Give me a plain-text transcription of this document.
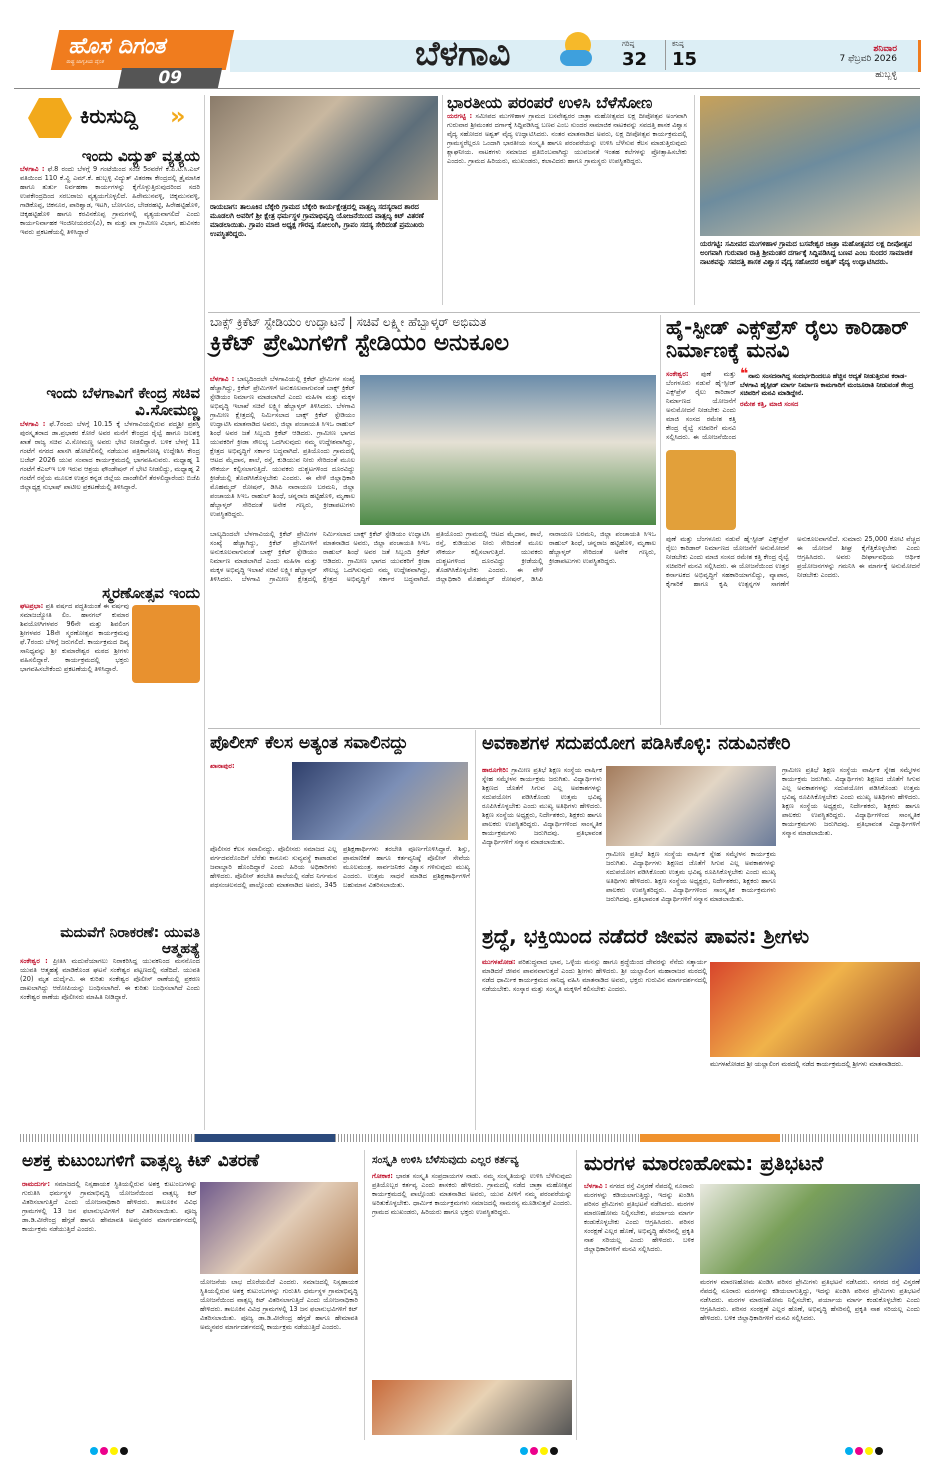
ಹೊಸ ದಿಗಂತ
ರಾಷ್ಟ್ರ ಜಾಗೃತಿಯ ದೈನಿಕ
09
ಬೆಳಗಾವಿ	ಗರಿಷ್ಠ
32
ಕನಿಷ್ಠ
15	ಶನಿವಾರ
7 ಫೆಬ್ರವರಿ 2026
ಹುಬ್ಬಳ್ಳಿ
ಕಿರುಸುದ್ದಿ »
ಇಂದು ವಿದ್ಯುತ್ ವ್ಯತ್ಯಯ
ಬೆಳಗಾವಿ : ಫೆ.8 ರಂದು ಬೆಳಗ್ಗೆ 9 ಗಂಟೆಯಿಂದ ಸಂಜೆ 5ರವರೆಗೆ ಕೆ.ಪಿ.ಟಿ.ಸಿ.ಎಲ್ ವತಿಯಿಂದ 110 ಕೆ.ವ್ಹಿ ಎಮ್.ಕೆ. ಹುಬ್ಬಳ್ಳಿ ವಿದ್ಯುತ್ ವಿತರಣಾ ಕೇಂದ್ರದಲ್ಲಿ ತ್ರೈಮಾಸಿಕ ಹಾಗೂ ತುರ್ತು ನಿರ್ವಹಣಾ ಕಾರ್ಯಗಳನ್ನು ಕೈಗೊಳ್ಳುತ್ತಿರುವುದರಿಂದ ಸದರಿ ಉಪಕೇಂದ್ರದಿಂದ ಸರಬರಾಜು ವ್ಯತ್ಯಯಗೊಳ್ಳಲಿದೆ. ಹಿರೇಮುನವಳ್ಳಿ, ಚಿಕ್ಕಮುನವಳ್ಳಿ, ಗಾಡಿಕೊಪ್ಪ, ಚಿಕನೂರ, ಪಾರಿಶ್ವಾಡ, ಇಟಗಿ, ಬೋಗೂರ, ಬೇಡರಹಟ್ಟಿ, ಹಿರೇಹಟ್ಟಿಹೊಳಿ, ಚಿಕ್ಕಹಟ್ಟಿಹೊಳಿ ಹಾಗೂ ಕರವಿನಕೊಪ್ಪ ಗ್ರಾಮಗಳಲ್ಲಿ ವ್ಯತ್ಯಯವಾಗಲಿದೆ ಎಂದು ಕಾರ್ಯನಿರ್ವಾಹಕ ಇಂಜಿನೀಯರರು(ವಿ), ಕಾ ಮತ್ತು ಪಾ ಗ್ರಾಮೀಣ ವಿಭಾಗ, ಹುವಿಸಕಂ ಇವರು ಪ್ರಕಟಣೆಯಲ್ಲಿ ತಿಳಿಸಿದ್ದಾರೆ
ಇಂದು ಬೆಳಗಾವಿಗೆ ಕೇಂದ್ರ ಸಚಿವ ವಿ.ಸೋಮಣ್ಣ
ಬೆಳಗಾವಿ : ಫೆ.7ರಂದು ಬೆಳಗ್ಗೆ 10.15 ಕ್ಕೆ ಬೆಳಗಾವಿಯಲ್ಲಿರುವ ಪದ್ಮಶ್ರೀ ಪ್ರಶಸ್ತಿ ಪುರಸ್ಕೃತರಾದ ಡಾ.ಪ್ರಭಾಕರ ಕೋರೆ ಅವರ ಮನೆಗೆ ಕೇಂದ್ರದ ರೈಲ್ವೆ ಹಾಗೂ ಜಲಶಕ್ತಿ ಖಾತೆ ರಾಜ್ಯ ಸಚಿವ ವಿ.ಸೋಮಣ್ಣ ಅವರು ಭೇಟಿ ನೀಡಲಿದ್ದಾರೆ. ಬಳಿಕ ಬೆಳಗ್ಗೆ 11 ಗಂಟೆಗೆ ನಗರದ ಖಾಸಗಿ ಹೋಟೆಲಿನಲ್ಲಿ ನಡೆಯುವ ಪತ್ರಿಕಾಗೋಷ್ಠಿ ಉದ್ದೇಶಿಸಿ ಕೇಂದ್ರ ಬಜೆಟ್ 2026 ಯುವ ಸಂವಾದ ಕಾರ್ಯಕ್ರಮದಲ್ಲಿ ಭಾಗವಹಿಸುವರು. ಮಧ್ಯಾಹ್ನ 1 ಗಂಟೆಗೆ ಕೆಎಲ್ಇ ಬಳಿ ಇರುವ ಆಶ್ರಯ ಫೌಂಡೇಷನ್ ಗೆ ಭೇಟಿ ನೀಡಲಿದ್ದು, ಮಧ್ಯಾಹ್ನ 2 ಗಂಟೆಗೆ ರಸ್ತೆಯ ಮೂಲಕ ಉತ್ತರ ಕನ್ನಡ ಜಿಲ್ಲೆಯ ದಾಂಡೇಲಿಗೆ ತೆರಳಲಿದ್ದಾರೆಂದು ಬಿಜೆಪಿ ಜಿಲ್ಲಾಧ್ಯಕ್ಷ ಸುಭಾಷ್ ಪಾಟೀಲ ಪ್ರಕಟಣೆಯಲ್ಲಿ ತಿಳಿಸಿದ್ದಾರೆ.
ಸ್ಮರಣೋತ್ಸವ ಇಂದು
ಘಟಪ್ರಭಾ: ಪ್ರತಿ ವರ್ಷದ ಪದ್ಧತಿಯಂತೆ ಈ ವರ್ಷವು ಸಮಾಜಜ್ಯೋತಿ ಲಿಂ. ಹಾನಗಲ್ ಕುಮಾರ ಶಿವಯೋಗಿಗಳವರ 96ನೇ ಮತ್ತು ಶಿವಲಿಂಗ ಶ್ರೀಗಳವರ 18ನೇ ಸ್ಮರಣೋತ್ಸವ ಕಾರ್ಯಕ್ರಮವು ಫೆ.7ರಂದು ಬೆಳಿಗ್ಗೆ ಜರುಗಲಿದೆ. ಕಾರ್ಯಕ್ರಮದ ದಿವ್ಯ ಸಾನಿಧ್ಯವನ್ನು ಶ್ರೀ ಕುಮಾರೇಶ್ವರ ಮಠದ ಶ್ರೀಗಳು ವಹಿಸಲಿದ್ದಾರೆ. ಕಾರ್ಯಕ್ರಮದಲ್ಲಿ ಭಕ್ತರು ಭಾಗವಹಿಸಬೇಕೆಂದು ಪ್ರಕಟಣೆಯಲ್ಲಿ ತಿಳಿಸಿದ್ದಾರೆ.
ಮದುವೆಗೆ ನಿರಾಕರಣೆ: ಯುವತಿ ಆತ್ಮಹತ್ಯೆ
ಸಂಕೇಶ್ವರ : ಪ್ರೀತಿಸಿ ಮದುವೆಯಾಗಲು ನಿರಾಕರಿಸಿದ್ದ ಯುವಕನಿಂದ ಮನನೊಂದ ಯುವತಿ ಆತ್ಮಹತ್ಯೆ ಮಾಡಿಕೊಂಡ ಘಟನೆ ಸಂಕೇಶ್ವರ ಪಟ್ಟಣದಲ್ಲಿ ನಡೆದಿದೆ. ಯುವತಿ (20) ಮೃತ ದುರ್ದೈವಿ. ಈ ಕುರಿತು ಸಂಕೇಶ್ವರ ಪೊಲೀಸ್ ಠಾಣೆಯಲ್ಲಿ ಪ್ರಕರಣ ದಾಖಲಾಗಿದ್ದು ಆರೋಪಿಯನ್ನು ಬಂಧಿಸಲಾಗಿದೆ. ಈ ಕುರಿತು ಬಂಧಿಸಲಾಗಿದೆ ಎಂದು ಸಂಕೇಶ್ವರ ಠಾಣೆಯ ಪೊಲೀಸರು ಮಾಹಿತಿ ನೀಡಿದ್ದಾರೆ.
ರಾಯಬಾಗ: ತಾಲೂಕಿನ ಬೆಕ್ಕೇರಿ ಗ್ರಾಮದ ಬೆಕ್ಕೇರಿ ಕಾರ್ಯಕ್ಷೇತ್ರದಲ್ಲಿ ವಾತ್ಸಲ್ಯ ಸದಸ್ಯರಾದ ಶಾರದ ಮೂಡಲಗಿ ಅವರಿಗೆ ಶ್ರೀ ಕ್ಷೇತ್ರ ಧರ್ಮಸ್ಥಳ ಗ್ರಾಮಾಭಿವೃದ್ಧಿ ಯೋಜನೆಯಿಂದ ವಾತ್ಸಲ್ಯ ಕಿಟ್ ವಿತರಣೆ ಮಾಡಲಾಯಿತು. ಗ್ರಾಪಂ ಮಾಜಿ ಅಧ್ಯಕ್ಷ ಗೌರವ್ವ ಸೋಲಂಗಿ, ಗ್ರಾಪಂ ಸದಸ್ಯ ಸೇರಿದಂತೆ ಪ್ರಮುಖರು ಉಪಸ್ಥಿತರಿದ್ದರು.
ಭಾರತೀಯ ಪರಂಪರೆ ಉಳಿಸಿ ಬೆಳೆಸೋಣ
ಯರಗಟ್ಟಿ : ಸಮೀಪದ ಮುಗಳಿಹಾಳ ಗ್ರಾಮದ ಬಸವೇಶ್ವರರ ಜಾತ್ರಾ ಮಹೋತ್ಸವದ ಲಕ್ಷ ದೀಪೋತ್ಸವ ಅಂಗವಾಗಿ ಗುರುವಾರ ಶ್ರೀಮಂತರ ದರ್ಗಾಕ್ಕೆ ಸಿದ್ದಿಪಡಿಸಿದ್ದ ಬಣವ ಎಂಬ ಸುಂದರ ಸಾಮಾಜಿಕ ನಾಟಕವನ್ನು ಸವದತ್ತಿ ಶಾಸಕ ವಿಶ್ವಾಸ ವೈದ್ಯ ಸಹೋದರ ಅಶ್ವತ್ ವೈದ್ಯ ಉದ್ಘಾಟಿಸಿದರು. ನಂತರ ಮಾತನಾಡಿದ ಅವರು, ಲಕ್ಷ ದೀಪೋತ್ಸವ ಕಾರ್ಯಕ್ರಮದಲ್ಲಿ ಗ್ರಾಮಸ್ಥರೆಲ್ಲರೂ ಒಂದಾಗಿ ಭಾರತೀಯ ಸಂಸ್ಕೃತಿ ಹಾಗೂ ಪರಂಪರೆಯನ್ನು ಉಳಿಸಿ ಬೆಳೆಸುವ ಕೆಲಸ ಮಾಡುತ್ತಿರುವುದು ಶ್ಲಾಘನೀಯ. ನಾಟಕಗಳು ಸಮಾಜದ ಪ್ರತಿಬಿಂಬವಾಗಿದ್ದು ಯುವಜನತೆ ಇಂತಹ ಕಲೆಗಳನ್ನು ಪ್ರೋತ್ಸಾಹಿಸಬೇಕು ಎಂದರು. ಗ್ರಾಮದ ಹಿರಿಯರು, ಮುಖಂಡರು, ಕಲಾವಿದರು ಹಾಗೂ ಗ್ರಾಮಸ್ಥರು ಉಪಸ್ಥಿತರಿದ್ದರು.
ಯರಗಟ್ಟಿ: ಸಮೀಪದ ಮುಗಳಿಹಾಳ ಗ್ರಾಮದ ಬಸವೇಶ್ವರ ಜಾತ್ರಾ ಮಹೋತ್ಸವದ ಲಕ್ಷ ದೀಪೋತ್ಸವ ಅಂಗವಾಗಿ ಗುರುವಾರ ರಾತ್ರಿ ಶ್ರೀಮಂತರ ದರ್ಗಾಕ್ಕೆ ಸಿದ್ದಿಪಡಿಸಿದ್ದ ಬಣವ ಎಂಬ ಸುಂದರ ಸಾಮಾಜಿಕ ನಾಟಕವನ್ನು ಸವದತ್ತಿ ಶಾಸಕ ವಿಶ್ವಾಸ ವೈದ್ಯ ಸಹೋದರ ಅಶ್ವತ್ ವೈದ್ಯ ಉದ್ಘಾಟಿಸಿದರು.
ಬಾಕ್ಸ್ ಕ್ರಿಕೆಟ್ ಸ್ಟೇಡಿಯಂ ಉದ್ಘಾಟನೆ | ಸಚಿವೆ ಲಕ್ಷ್ಮೀ ಹೆಬ್ಬಾಳ್ಕರ್ ಅಭಿಮತ
ಕ್ರಿಕೆಟ್ ಪ್ರೇಮಿಗಳಿಗೆ ಸ್ಟೇಡಿಯಂ ಅನುಕೂಲ
ಬೆಳಗಾವಿ : ಬಾಲ್ಯದಿಂದಲೇ ಬೆಳಗಾವಿಯಲ್ಲಿ ಕ್ರಿಕೆಟ್ ಪ್ರೇಮಿಗಳ ಸಂಖ್ಯೆ ಹೆಚ್ಚಾಗಿದ್ದು, ಕ್ರಿಕೆಟ್ ಪ್ರೇಮಿಗಳಿಗೆ ಅನುಕೂಲವಾಗುವಂತೆ ಬಾಕ್ಸ್ ಕ್ರಿಕೆಟ್ ಸ್ಟೇಡಿಯಂ ನಿರ್ಮಾಣ ಮಾಡಲಾಗಿದೆ ಎಂದು ಮಹಿಳಾ ಮತ್ತು ಮಕ್ಕಳ ಅಭಿವೃದ್ಧಿ ಇಲಾಖೆ ಸಚಿವೆ ಲಕ್ಷ್ಮೀ ಹೆಬ್ಬಾಳ್ಕರ್ ತಿಳಿಸಿದರು. ಬೆಳಗಾವಿ ಗ್ರಾಮೀಣ ಕ್ಷೇತ್ರದಲ್ಲಿ ನಿರ್ಮಿಸಲಾದ ಬಾಕ್ಸ್ ಕ್ರಿಕೆಟ್ ಸ್ಟೇಡಿಯಂ ಉದ್ಘಾಟಿಸಿ ಮಾತನಾಡಿದ ಅವರು, ಜಿಲ್ಲಾ ಪಂಚಾಯತಿ ಸಿಇಒ ರಾಹುಲ್ ಶಿಂಧೆ ಅವರ ಜತೆ ಸಿಬ್ಬಂದಿ ಕ್ರಿಕೆಟ್ ಆಡಿದರು. ಗ್ರಾಮೀಣ ಭಾಗದ ಯುವಕರಿಗೆ ಕ್ರೀಡಾ ಸೌಲಭ್ಯ ಒದಗಿಸುವುದು ನಮ್ಮ ಉದ್ದೇಶವಾಗಿದ್ದು, ಕ್ಷೇತ್ರದ ಅಭಿವೃದ್ಧಿಗೆ ಸರ್ಕಾರ ಬದ್ಧವಾಗಿದೆ. ಪ್ರತಿಯೊಂದು ಗ್ರಾಮದಲ್ಲಿ ಆಟದ ಮೈದಾನ, ಶಾಲೆ, ರಸ್ತೆ, ಕುಡಿಯುವ ನೀರು ಸೇರಿದಂತೆ ಮೂಲ ಸೌಕರ್ಯ ಕಲ್ಪಿಸಲಾಗುತ್ತಿದೆ. ಯುವಕರು ದುಶ್ಚಟಗಳಿಂದ ದೂರವಿದ್ದು ಕ್ರೀಡೆಯಲ್ಲಿ ತೊಡಗಿಸಿಕೊಳ್ಳಬೇಕು ಎಂದರು. ಈ ವೇಳೆ ಜಿಲ್ಲಾಧಿಕಾರಿ ಮೊಹಮ್ಮದ್ ರೋಷನ್, ಡಿಸಿಪಿ ನಾರಾಯಣ ಬರಮನಿ, ಜಿಲ್ಲಾ ಪಂಚಾಯತಿ ಸಿಇಒ ರಾಹುಲ್ ಶಿಂಧೆ, ಚನ್ನರಾಜ ಹಟ್ಟಿಹೊಳಿ, ಮೃಣಾಲ ಹೆಬ್ಬಾಳ್ಕರ್ ಸೇರಿದಂತೆ ಅನೇಕ ಗಣ್ಯರು, ಕ್ರೀಡಾಪಟುಗಳು ಉಪಸ್ಥಿತರಿದ್ದರು.
ಬಾಲ್ಯದಿಂದಲೇ ಬೆಳಗಾವಿಯಲ್ಲಿ ಕ್ರಿಕೆಟ್ ಪ್ರೇಮಿಗಳ ಸಂಖ್ಯೆ ಹೆಚ್ಚಾಗಿದ್ದು, ಕ್ರಿಕೆಟ್ ಪ್ರೇಮಿಗಳಿಗೆ ಅನುಕೂಲವಾಗುವಂತೆ ಬಾಕ್ಸ್ ಕ್ರಿಕೆಟ್ ಸ್ಟೇಡಿಯಂ ನಿರ್ಮಾಣ ಮಾಡಲಾಗಿದೆ ಎಂದು ಮಹಿಳಾ ಮತ್ತು ಮಕ್ಕಳ ಅಭಿವೃದ್ಧಿ ಇಲಾಖೆ ಸಚಿವೆ ಲಕ್ಷ್ಮೀ ಹೆಬ್ಬಾಳ್ಕರ್ ತಿಳಿಸಿದರು. ಬೆಳಗಾವಿ ಗ್ರಾಮೀಣ ಕ್ಷೇತ್ರದಲ್ಲಿ ನಿರ್ಮಿಸಲಾದ ಬಾಕ್ಸ್ ಕ್ರಿಕೆಟ್ ಸ್ಟೇಡಿಯಂ ಉದ್ಘಾಟಿಸಿ ಮಾತನಾಡಿದ ಅವರು, ಜಿಲ್ಲಾ ಪಂಚಾಯತಿ ಸಿಇಒ ರಾಹುಲ್ ಶಿಂಧೆ ಅವರ ಜತೆ ಸಿಬ್ಬಂದಿ ಕ್ರಿಕೆಟ್ ಆಡಿದರು. ಗ್ರಾಮೀಣ ಭಾಗದ ಯುವಕರಿಗೆ ಕ್ರೀಡಾ ಸೌಲಭ್ಯ ಒದಗಿಸುವುದು ನಮ್ಮ ಉದ್ದೇಶವಾಗಿದ್ದು, ಕ್ಷೇತ್ರದ ಅಭಿವೃದ್ಧಿಗೆ ಸರ್ಕಾರ ಬದ್ಧವಾಗಿದೆ. ಪ್ರತಿಯೊಂದು ಗ್ರಾಮದಲ್ಲಿ ಆಟದ ಮೈದಾನ, ಶಾಲೆ, ರಸ್ತೆ, ಕುಡಿಯುವ ನೀರು ಸೇರಿದಂತೆ ಮೂಲ ಸೌಕರ್ಯ ಕಲ್ಪಿಸಲಾಗುತ್ತಿದೆ. ಯುವಕರು ದುಶ್ಚಟಗಳಿಂದ ದೂರವಿದ್ದು ಕ್ರೀಡೆಯಲ್ಲಿ ತೊಡಗಿಸಿಕೊಳ್ಳಬೇಕು ಎಂದರು. ಈ ವೇಳೆ ಜಿಲ್ಲಾಧಿಕಾರಿ ಮೊಹಮ್ಮದ್ ರೋಷನ್, ಡಿಸಿಪಿ ನಾರಾಯಣ ಬರಮನಿ, ಜಿಲ್ಲಾ ಪಂಚಾಯತಿ ಸಿಇಒ ರಾಹುಲ್ ಶಿಂಧೆ, ಚನ್ನರಾಜ ಹಟ್ಟಿಹೊಳಿ, ಮೃಣಾಲ ಹೆಬ್ಬಾಳ್ಕರ್ ಸೇರಿದಂತೆ ಅನೇಕ ಗಣ್ಯರು, ಕ್ರೀಡಾಪಟುಗಳು ಉಪಸ್ಥಿತರಿದ್ದರು.
ಹೈ-ಸ್ಪೀಡ್ ಎಕ್ಸ್‌ಪ್ರೆಸ್ ರೈಲು ಕಾರಿಡಾರ್ ನಿರ್ಮಾಣಕ್ಕೆ ಮನವಿ
ಸಂಕೇಶ್ವರ: ಪುಣೆ ಮತ್ತು ಬೆಂಗಳೂರು ನಡುವೆ ಹೈ-ಸ್ಪೀಡ್ ಎಕ್ಸ್‌ಪ್ರೆಸ್ ರೈಲು ಕಾರಿಡಾರ್ ನಿರ್ಮಾಣದ ಯೋಜನೆಗೆ ಅನುಮೋದನೆ ನೀಡಬೇಕು ಎಂದು ಮಾಜಿ ಸಂಸದ ರಮೇಶ ಕತ್ತಿ ಕೇಂದ್ರ ರೈಲ್ವೆ ಸಚಿವರಿಗೆ ಮನವಿ ಸಲ್ಲಿಸಿದರು. ಈ ಯೋಜನೆಯಿಂದ
❝ನಾನು ಸಂಸದನಾಗಿದ್ದ ಸಂದರ್ಭದಿಂದಲೂ ಹೆಚ್ಚಿನ ಆದ್ಯತೆ ನೀಡುತ್ತಿರುವ ಕರಾಡ-ಬೆಳಗಾವಿ ಹೈಸ್ಪೀಡ್ ಮಾರ್ಗ ನಿರ್ಮಾಣ ಕಾಮಗಾರಿಗೆ ಮಂಜೂರಾತಿ ನೀಡುವಂತೆ ಕೇಂದ್ರ ಸಚಿವರಿಗೆ ಮನವಿ ಮಾಡಿದ್ದೇನೆ.
ರಮೇಶ ಕತ್ತಿ, ಮಾಜಿ ಸಂಸದ
ಪುಣೆ ಮತ್ತು ಬೆಂಗಳೂರು ನಡುವೆ ಹೈ-ಸ್ಪೀಡ್ ಎಕ್ಸ್‌ಪ್ರೆಸ್ ರೈಲು ಕಾರಿಡಾರ್ ನಿರ್ಮಾಣದ ಯೋಜನೆಗೆ ಅನುಮೋದನೆ ನೀಡಬೇಕು ಎಂದು ಮಾಜಿ ಸಂಸದ ರಮೇಶ ಕತ್ತಿ ಕೇಂದ್ರ ರೈಲ್ವೆ ಸಚಿವರಿಗೆ ಮನವಿ ಸಲ್ಲಿಸಿದರು. ಈ ಯೋಜನೆಯಿಂದ ಉತ್ತರ ಕರ್ನಾಟಕದ ಅಭಿವೃದ್ಧಿಗೆ ಸಹಕಾರಿಯಾಗಲಿದ್ದು, ವ್ಯಾಪಾರ, ಕೈಗಾರಿಕೆ ಹಾಗೂ ಕೃಷಿ ಉತ್ಪನ್ನಗಳ ಸಾಗಣೆಗೆ ಅನುಕೂಲವಾಗಲಿದೆ. ಸುಮಾರು 25,000 ಕೋಟಿ ವೆಚ್ಚದ ಈ ಯೋಜನೆ ಶೀಘ್ರ ಕೈಗೆತ್ತಿಕೊಳ್ಳಬೇಕು ಎಂದು ಆಗ್ರಹಿಸಿದರು. ಅವರು ದೀರ್ಘಾವಧಿಯ ಆರ್ಥಿಕ ಪ್ರಯೋಜನಗಳನ್ನು ಗಮನಿಸಿ ಈ ಮಾರ್ಗಕ್ಕೆ ಅನುಮೋದನೆ ನೀಡಬೇಕು ಎಂದರು.
ಪೊಲೀಸ್ ಕೆಲಸ ಅತ್ಯಂತ ಸವಾಲಿನದ್ದು
ಖಾನಾಪುರ:
ಪೊಲೀಸರ ಕೆಲಸ ಸವಾಲಿನದ್ದು. ಪೊಲೀಸರು ಸಮಾಜದ ಎಲ್ಲ ವರ್ಗದವರೊಂದಿಗೆ ಬೆರೆತು ಕಾನೂನು ಸುವ್ಯವಸ್ಥೆ ಕಾಪಾಡುವ ಜವಾಬ್ದಾರಿ ಹೊಂದಿದ್ದಾರೆ ಎಂದು ಹಿರಿಯ ಅಧಿಕಾರಿಗಳು ಹೇಳಿದರು. ಪೊಲೀಸ್ ತರಬೇತಿ ಶಾಲೆಯಲ್ಲಿ ನಡೆದ ನಿರ್ಗಮನ ಪಥಸಂಚಲನದಲ್ಲಿ ಪಾಲ್ಗೊಂಡು ಮಾತನಾಡಿದ ಅವರು, 345 ಪ್ರಶಿಕ್ಷಣಾರ್ಥಿಗಳು ತರಬೇತಿ ಪೂರ್ಣಗೊಳಿಸಿದ್ದಾರೆ. ಶಿಸ್ತು, ಪ್ರಾಮಾಣಿಕತೆ ಹಾಗೂ ಕರ್ತವ್ಯನಿಷ್ಠೆ ಪೊಲೀಸ್ ಸೇವೆಯ ಮೂಲಮಂತ್ರ. ಸಾರ್ವಜನಿಕರ ವಿಶ್ವಾಸ ಗಳಿಸುವುದು ಮುಖ್ಯ ಎಂದರು. ಉತ್ತಮ ಸಾಧನೆ ಮಾಡಿದ ಪ್ರಶಿಕ್ಷಣಾರ್ಥಿಗಳಿಗೆ ಬಹುಮಾನ ವಿತರಿಸಲಾಯಿತು.
ಅವಕಾಶಗಳ ಸದುಪಯೋಗ ಪಡಿಸಿಕೊಳ್ಳಿ: ನಡುವಿನಕೇರಿ
ಹಾರೂಗೇರಿ: ಗ್ರಾಮೀಣ ಪ್ರತಿಭೆ ಶಿಕ್ಷಣ ಸಂಸ್ಥೆಯ ವಾರ್ಷಿಕ ಸ್ನೇಹ ಸಮ್ಮೇಳನ ಕಾರ್ಯಕ್ರಮ ಜರುಗಿತು. ವಿದ್ಯಾರ್ಥಿಗಳು ಶಿಕ್ಷಣದ ಜೊತೆಗೆ ಸಿಗುವ ಎಲ್ಲ ಅವಕಾಶಗಳನ್ನು ಸದುಪಯೋಗ ಪಡಿಸಿಕೊಂಡು ಉತ್ತಮ ಭವಿಷ್ಯ ರೂಪಿಸಿಕೊಳ್ಳಬೇಕು ಎಂದು ಮುಖ್ಯ ಅತಿಥಿಗಳು ಹೇಳಿದರು. ಶಿಕ್ಷಣ ಸಂಸ್ಥೆಯ ಅಧ್ಯಕ್ಷರು, ನಿರ್ದೇಶಕರು, ಶಿಕ್ಷಕರು ಹಾಗೂ ಪಾಲಕರು ಉಪಸ್ಥಿತರಿದ್ದರು. ವಿದ್ಯಾರ್ಥಿಗಳಿಂದ ಸಾಂಸ್ಕೃತಿಕ ಕಾರ್ಯಕ್ರಮಗಳು ಜರುಗಿದವು. ಪ್ರತಿಭಾವಂತ ವಿದ್ಯಾರ್ಥಿಗಳಿಗೆ ಸನ್ಮಾನ ಮಾಡಲಾಯಿತು.
ಗ್ರಾಮೀಣ ಪ್ರತಿಭೆ ಶಿಕ್ಷಣ ಸಂಸ್ಥೆಯ ವಾರ್ಷಿಕ ಸ್ನೇಹ ಸಮ್ಮೇಳನ ಕಾರ್ಯಕ್ರಮ ಜರುಗಿತು. ವಿದ್ಯಾರ್ಥಿಗಳು ಶಿಕ್ಷಣದ ಜೊತೆಗೆ ಸಿಗುವ ಎಲ್ಲ ಅವಕಾಶಗಳನ್ನು ಸದುಪಯೋಗ ಪಡಿಸಿಕೊಂಡು ಉತ್ತಮ ಭವಿಷ್ಯ ರೂಪಿಸಿಕೊಳ್ಳಬೇಕು ಎಂದು ಮುಖ್ಯ ಅತಿಥಿಗಳು ಹೇಳಿದರು. ಶಿಕ್ಷಣ ಸಂಸ್ಥೆಯ ಅಧ್ಯಕ್ಷರು, ನಿರ್ದೇಶಕರು, ಶಿಕ್ಷಕರು ಹಾಗೂ ಪಾಲಕರು ಉಪಸ್ಥಿತರಿದ್ದರು. ವಿದ್ಯಾರ್ಥಿಗಳಿಂದ ಸಾಂಸ್ಕೃತಿಕ ಕಾರ್ಯಕ್ರಮಗಳು ಜರುಗಿದವು. ಪ್ರತಿಭಾವಂತ ವಿದ್ಯಾರ್ಥಿಗಳಿಗೆ ಸನ್ಮಾನ ಮಾಡಲಾಯಿತು.
ಗ್ರಾಮೀಣ ಪ್ರತಿಭೆ ಶಿಕ್ಷಣ ಸಂಸ್ಥೆಯ ವಾರ್ಷಿಕ ಸ್ನೇಹ ಸಮ್ಮೇಳನ ಕಾರ್ಯಕ್ರಮ ಜರುಗಿತು. ವಿದ್ಯಾರ್ಥಿಗಳು ಶಿಕ್ಷಣದ ಜೊತೆಗೆ ಸಿಗುವ ಎಲ್ಲ ಅವಕಾಶಗಳನ್ನು ಸದುಪಯೋಗ ಪಡಿಸಿಕೊಂಡು ಉತ್ತಮ ಭವಿಷ್ಯ ರೂಪಿಸಿಕೊಳ್ಳಬೇಕು ಎಂದು ಮುಖ್ಯ ಅತಿಥಿಗಳು ಹೇಳಿದರು. ಶಿಕ್ಷಣ ಸಂಸ್ಥೆಯ ಅಧ್ಯಕ್ಷರು, ನಿರ್ದೇಶಕರು, ಶಿಕ್ಷಕರು ಹಾಗೂ ಪಾಲಕರು ಉಪಸ್ಥಿತರಿದ್ದರು. ವಿದ್ಯಾರ್ಥಿಗಳಿಂದ ಸಾಂಸ್ಕೃತಿಕ ಕಾರ್ಯಕ್ರಮಗಳು ಜರುಗಿದವು. ಪ್ರತಿಭಾವಂತ ವಿದ್ಯಾರ್ಥಿಗಳಿಗೆ ಸನ್ಮಾನ ಮಾಡಲಾಯಿತು.
ಶ್ರದ್ಧೆ, ಭಕ್ತಿಯಿಂದ ನಡೆದರೆ ಜೀವನ ಪಾವನ: ಶ್ರೀಗಳು
ಮುಗಳಖೋಡ: ಪರಿಶುದ್ಧವಾದ ಭಾವ, ಒಳ್ಳೆಯ ಮನಸ್ಸು ಹಾಗೂ ಶ್ರದ್ಧೆಯಿಂದ ದೇವರನ್ನು ನೆನೆದು ಸತ್ಕಾರ್ಯ ಮಾಡಿದರೆ ಜೀವನ ಪಾವನವಾಗುತ್ತದೆ ಎಂದು ಶ್ರೀಗಳು ಹೇಳಿದರು. ಶ್ರೀ ಯಲ್ಲಾಲಿಂಗ ಮಹಾರಾಜರ ಮಠದಲ್ಲಿ ನಡೆದ ಧಾರ್ಮಿಕ ಕಾರ್ಯಕ್ರಮದ ಸಾನಿಧ್ಯ ವಹಿಸಿ ಮಾತನಾಡಿದ ಅವರು, ಭಕ್ತರು ಗುರುವಿನ ಮಾರ್ಗದರ್ಶನದಲ್ಲಿ ನಡೆಯಬೇಕು. ಸಂಸ್ಕಾರ ಮತ್ತು ಸಂಸ್ಕೃತಿ ಮಕ್ಕಳಿಗೆ ಕಲಿಸಬೇಕು ಎಂದರು.
ಮುಗಳಖೋಡದ ಶ್ರೀ ಯಲ್ಲಾಲಿಂಗ ಮಠದಲ್ಲಿ ನಡೆದ ಕಾರ್ಯಕ್ರಮದಲ್ಲಿ ಶ್ರೀಗಳು ಮಾತನಾಡಿದರು.
ಅಶಕ್ತ ಕುಟುಂಬಗಳಿಗೆ ವಾತ್ಸಲ್ಯ ಕಿಟ್ ವಿತರಣೆ
ರಾಮದುರ್ಗ: ಸಮಾಜದಲ್ಲಿ ನಿಸ್ಸಹಾಯಕ ಸ್ಥಿತಿಯಲ್ಲಿರುವ ಅಶಕ್ತ ಕುಟುಂಬಗಳನ್ನು ಗುರುತಿಸಿ ಧರ್ಮಸ್ಥಳ ಗ್ರಾಮಾಭಿವೃದ್ಧಿ ಯೋಜನೆಯಿಂದ ವಾತ್ಸಲ್ಯ ಕಿಟ್ ವಿತರಿಸಲಾಗುತ್ತಿದೆ ಎಂದು ಯೋಜನಾಧಿಕಾರಿ ಹೇಳಿದರು. ತಾಲೂಕಿನ ವಿವಿಧ ಗ್ರಾಮಗಳಲ್ಲಿ 13 ಜನ ಫಲಾನುಭವಿಗಳಿಗೆ ಕಿಟ್ ವಿತರಿಸಲಾಯಿತು. ಪೂಜ್ಯ ಡಾ.ಡಿ.ವೀರೇಂದ್ರ ಹೆಗ್ಗಡೆ ಹಾಗೂ ಹೇಮಾವತಿ ಅಮ್ಮನವರ ಮಾರ್ಗದರ್ಶನದಲ್ಲಿ ಕಾರ್ಯಕ್ರಮ ನಡೆಯುತ್ತಿದೆ ಎಂದರು.
ಯೋಜನೆಯ ಲಾಭ ದೊರೆಯಲಿದೆ ಎಂದರು. ಸಮಾಜದಲ್ಲಿ ನಿಸ್ಸಹಾಯಕ ಸ್ಥಿತಿಯಲ್ಲಿರುವ ಅಶಕ್ತ ಕುಟುಂಬಗಳನ್ನು ಗುರುತಿಸಿ ಧರ್ಮಸ್ಥಳ ಗ್ರಾಮಾಭಿವೃದ್ಧಿ ಯೋಜನೆಯಿಂದ ವಾತ್ಸಲ್ಯ ಕಿಟ್ ವಿತರಿಸಲಾಗುತ್ತಿದೆ ಎಂದು ಯೋಜನಾಧಿಕಾರಿ ಹೇಳಿದರು. ತಾಲೂಕಿನ ವಿವಿಧ ಗ್ರಾಮಗಳಲ್ಲಿ 13 ಜನ ಫಲಾನುಭವಿಗಳಿಗೆ ಕಿಟ್ ವಿತರಿಸಲಾಯಿತು. ಪೂಜ್ಯ ಡಾ.ಡಿ.ವೀರೇಂದ್ರ ಹೆಗ್ಗಡೆ ಹಾಗೂ ಹೇಮಾವತಿ ಅಮ್ಮನವರ ಮಾರ್ಗದರ್ಶನದಲ್ಲಿ ಕಾರ್ಯಕ್ರಮ ನಡೆಯುತ್ತಿದೆ ಎಂದರು.
ಸಂಸ್ಕೃತಿ ಉಳಿಸಿ ಬೆಳೆಸುವುದು ಎಲ್ಲರ ಕರ್ತವ್ಯ
ಗೋಕಾಕ: ಭಾರತ ಸಂಸ್ಕೃತಿ ಸಂಪ್ರದಾಯಗಳ ನಾಡು. ನಮ್ಮ ಸಂಸ್ಕೃತಿಯನ್ನು ಉಳಿಸಿ ಬೆಳೆಸುವುದು ಪ್ರತಿಯೊಬ್ಬರ ಕರ್ತವ್ಯ ಎಂದು ಶಾಸಕರು ಹೇಳಿದರು. ಗ್ರಾಮದಲ್ಲಿ ನಡೆದ ಜಾತ್ರಾ ಮಹೋತ್ಸವ ಕಾರ್ಯಕ್ರಮದಲ್ಲಿ ಪಾಲ್ಗೊಂಡು ಮಾತನಾಡಿದ ಅವರು, ಯುವ ಪೀಳಿಗೆ ನಮ್ಮ ಪರಂಪರೆಯನ್ನು ಅರಿತುಕೊಳ್ಳಬೇಕು. ಧಾರ್ಮಿಕ ಕಾರ್ಯಕ್ರಮಗಳು ಸಮಾಜದಲ್ಲಿ ಸಾಮರಸ್ಯ ಮೂಡಿಸುತ್ತವೆ ಎಂದರು. ಗ್ರಾಮದ ಮುಖಂಡರು, ಹಿರಿಯರು ಹಾಗೂ ಭಕ್ತರು ಉಪಸ್ಥಿತರಿದ್ದರು.
ಮರಗಳ ಮಾರಣಹೋಮ: ಪ್ರತಿಭಟನೆ
ಬೆಳಗಾವಿ : ನಗರದ ರಸ್ತೆ ವಿಸ್ತರಣೆ ನೆಪದಲ್ಲಿ ನೂರಾರು ಮರಗಳನ್ನು ಕಡಿಯಲಾಗುತ್ತಿದ್ದು, ಇದನ್ನು ಖಂಡಿಸಿ ಪರಿಸರ ಪ್ರೇಮಿಗಳು ಪ್ರತಿಭಟನೆ ನಡೆಸಿದರು. ಮರಗಳ ಮಾರಣಹೋಮ ನಿಲ್ಲಿಸಬೇಕು, ಪರ್ಯಾಯ ಮಾರ್ಗ ಕಂಡುಕೊಳ್ಳಬೇಕು ಎಂದು ಆಗ್ರಹಿಸಿದರು. ಪರಿಸರ ಸಂರಕ್ಷಣೆ ಎಲ್ಲರ ಹೊಣೆ, ಅಭಿವೃದ್ಧಿ ಹೆಸರಿನಲ್ಲಿ ಪ್ರಕೃತಿ ನಾಶ ಸರಿಯಲ್ಲ ಎಂದು ಹೇಳಿದರು. ಬಳಿಕ ಜಿಲ್ಲಾಧಿಕಾರಿಗಳಿಗೆ ಮನವಿ ಸಲ್ಲಿಸಿದರು.
ಮರಗಳ ಮಾರಣಹೋಮ ಖಂಡಿಸಿ ಪರಿಸರ ಪ್ರೇಮಿಗಳು ಪ್ರತಿಭಟನೆ ನಡೆಸಿದರು. ನಗರದ ರಸ್ತೆ ವಿಸ್ತರಣೆ ನೆಪದಲ್ಲಿ ನೂರಾರು ಮರಗಳನ್ನು ಕಡಿಯಲಾಗುತ್ತಿದ್ದು, ಇದನ್ನು ಖಂಡಿಸಿ ಪರಿಸರ ಪ್ರೇಮಿಗಳು ಪ್ರತಿಭಟನೆ ನಡೆಸಿದರು. ಮರಗಳ ಮಾರಣಹೋಮ ನಿಲ್ಲಿಸಬೇಕು, ಪರ್ಯಾಯ ಮಾರ್ಗ ಕಂಡುಕೊಳ್ಳಬೇಕು ಎಂದು ಆಗ್ರಹಿಸಿದರು. ಪರಿಸರ ಸಂರಕ್ಷಣೆ ಎಲ್ಲರ ಹೊಣೆ, ಅಭಿವೃದ್ಧಿ ಹೆಸರಿನಲ್ಲಿ ಪ್ರಕೃತಿ ನಾಶ ಸರಿಯಲ್ಲ ಎಂದು ಹೇಳಿದರು. ಬಳಿಕ ಜಿಲ್ಲಾಧಿಕಾರಿಗಳಿಗೆ ಮನವಿ ಸಲ್ಲಿಸಿದರು.
